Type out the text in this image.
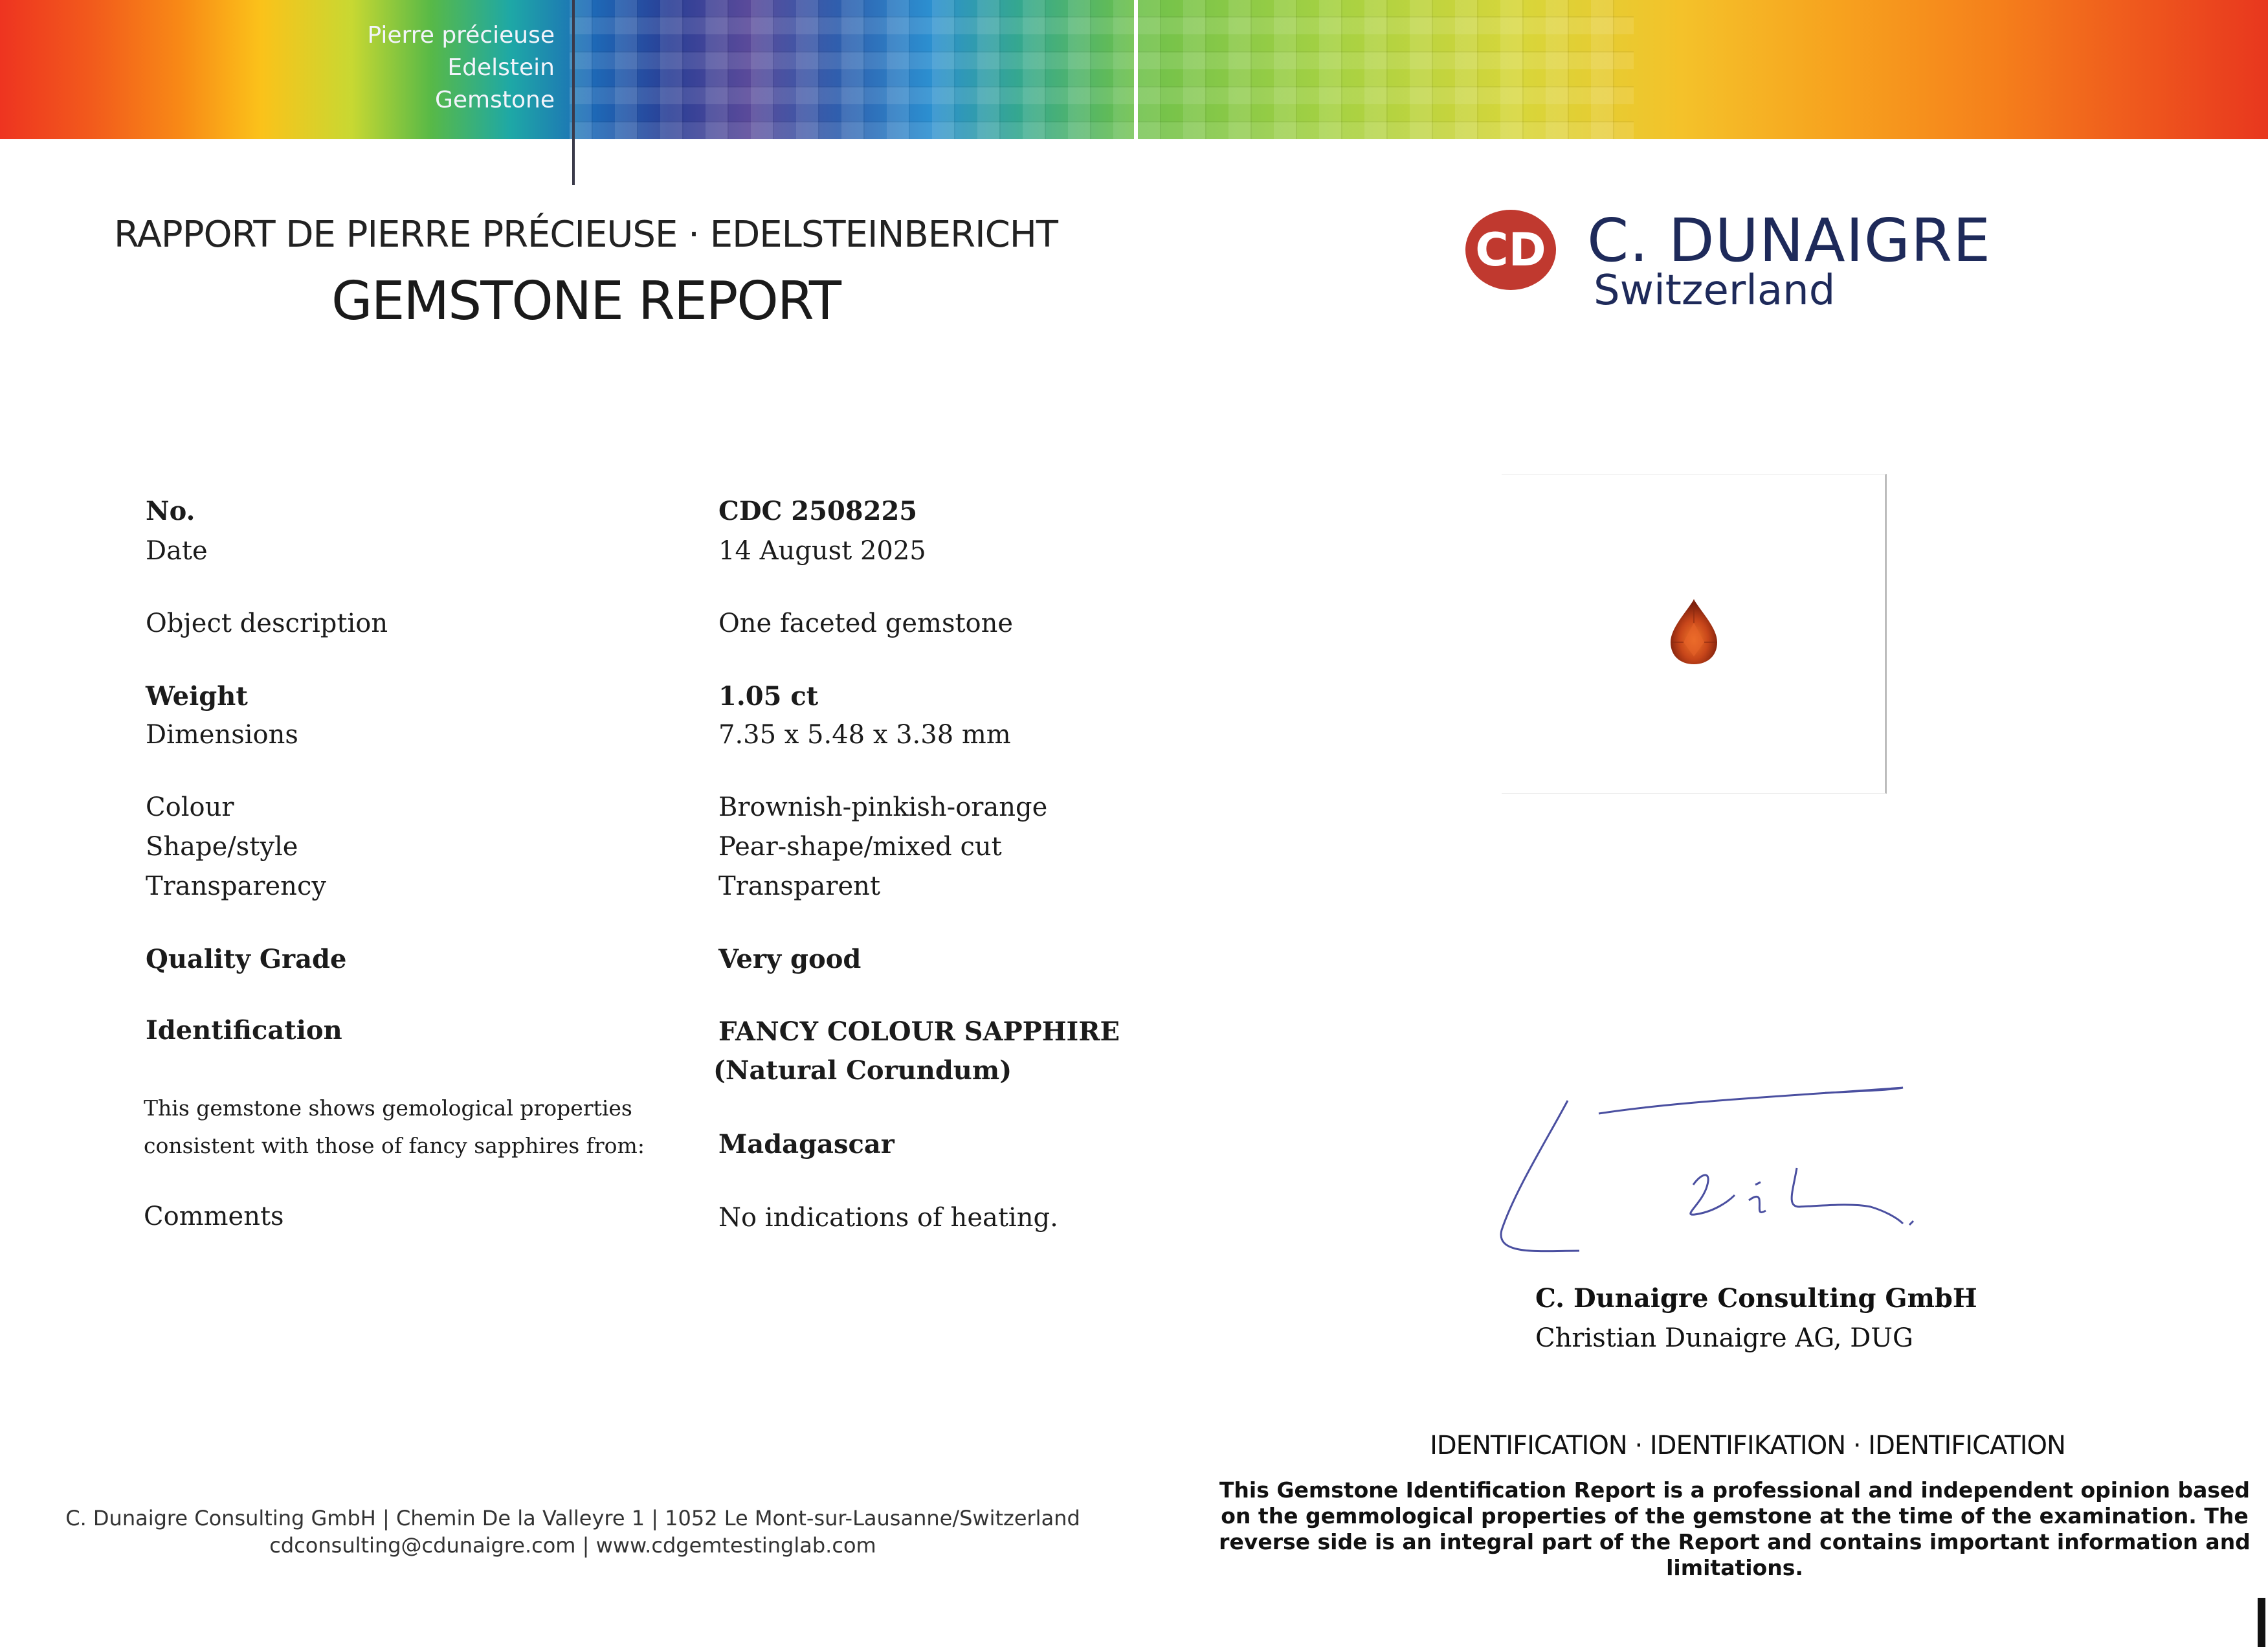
Pierre précieuse
Edelstein
Gemstone
RAPPORT DE PIERRE PRÉCIEUSE · EDELSTEINBERICHT
GEMSTONE REPORT
No.	CDC 2508225
Date	14 August 2025
Object description	One faceted gemstone
Weight	1.05 ct
Dimensions	7.35 x 5.48 x 3.38 mm
Colour	Brownish-pinkish-orange
Shape/style	Pear-shape/mixed cut
Transparency	Transparent
Quality Grade	Very good
Identification	FANCY COLOUR SAPPHIRE
(Natural Corundum)
This gemstone shows gemological properties
consistent with those of fancy sapphires from:	Madagascar
Comments	No indications of heating.
C. Dunaigre Consulting GmbH | Chemin De la Valleyre 1 | 1052 Le Mont-sur-Lausanne/Switzerland
cdconsulting@cdunaigre.com | www.cdgemtestinglab.com
CD C. DUNAIGRE
Switzerland
C. Dunaigre Consulting GmbH
Christian Dunaigre AG, DUG
IDENTIFICATION · IDENTIFIKATION · IDENTIFICATION
This Gemstone Identification Report is a professional and independent opinion based on the gemmological properties of the gemstone at the time of the examination. The reverse side is an integral part of the Report and contains important information and limitations.
